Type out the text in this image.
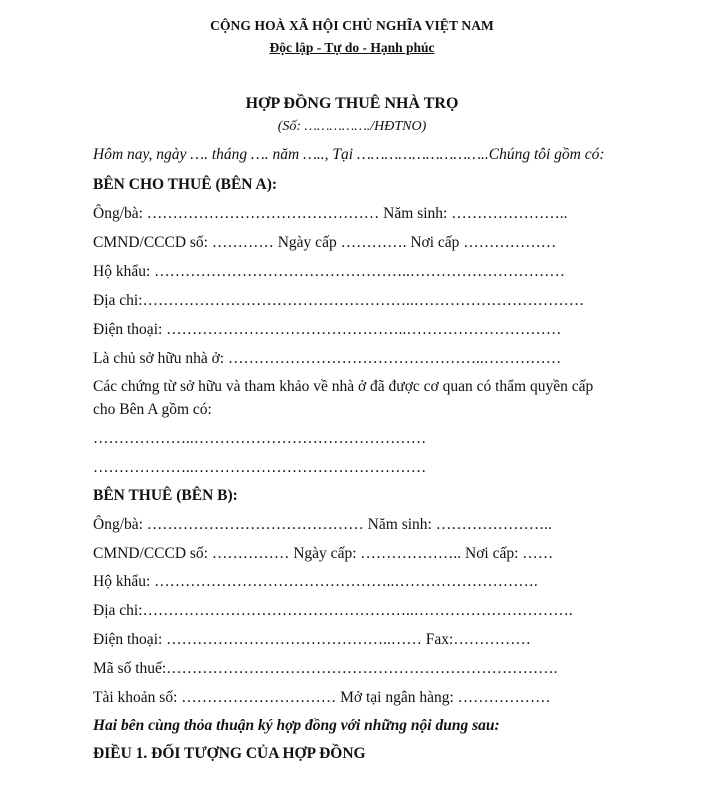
CỘNG HOÀ XÃ HỘI CHỦ NGHĨA VIỆT NAM
Độc lập - Tự do - Hạnh phúc
HỢP ĐỒNG THUÊ NHÀ TRỌ
(Số: ……………./HĐTNO)
Hôm nay, ngày …. tháng …. năm ….., Tại ………………………..Chúng tôi gồm có:
BÊN CHO THUÊ (BÊN A):
Ông/bà: ……………………………………… Năm sinh: …………………..
CMND/CCCD số: ………… Ngày cấp …………. Nơi cấp ………………
Hộ khẩu: …………………………………………..…………………………
Địa chi:……………………………………………..……………………………
Điện thoại: ………………………………………..…………………………
Là chủ sở hữu nhà ở: …………………………………………..……………
Các chứng từ sở hữu và tham khảo về nhà ở đã được cơ quan có thẩm quyền cấp
cho Bên A gồm có:
………………..………………………………………
………………..………………………………………
BÊN THUÊ (BÊN B):
Ông/bà: …………………………………… Năm sinh: …………………..
CMND/CCCD số: …………… Ngày cấp: ……………….. Nơi cấp: ……
Hộ khẩu: ………………………………………..……………………….
Địa chi:……………………………………………..………………………….
Điện thoại: ……………………………………..…… Fax:……………
Mã số thuế:………………………………………………………………….
Tài khoản số: ………………………… Mở tại ngân hàng: ………………
Hai bên cùng thỏa thuận ký hợp đồng với những nội dung sau:
ĐIỀU 1. ĐỐI TƯỢNG CỦA HỢP ĐỒNG
